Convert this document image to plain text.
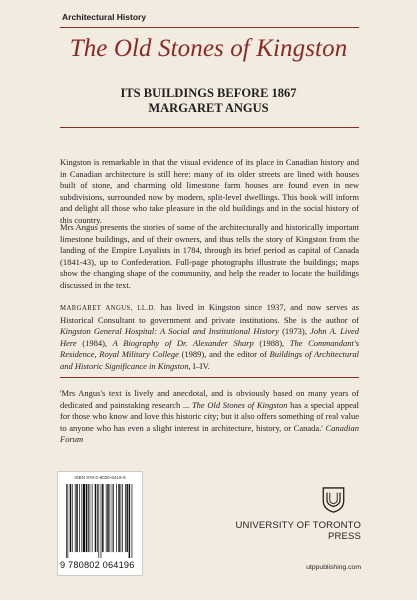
Architectural History
The Old Stones of Kingston
ITS BUILDINGS BEFORE 1867
MARGARET ANGUS

Kingston is remarkable in that the visual evidence of its place in Canadian history and in Canadian architecture is still here: many of its older streets are lined with houses built of stone, and charming old limestone farm houses are found even in new subdivisions, surrounded now by modern, split-level dwellings. This book will inform and delight all those who take pleasure in the old buildings and in the social history of this country.

Mrs Angus presents the stories of some of the architecturally and historically important limestone buildings, and of their owners, and thus tells the story of Kingston from the landing of the Empire Loyalists in 1784, through its brief period as capital of Canada (1841-43), up to Confederation. Full-page photographs illustrate the buildings; maps show the changing shape of the community, and help the reader to locate the buildings discussed in the text.

MARGARET ANGUS, LL.D. has lived in Kingston since 1937, and now serves as Historical Consultant to government and private institutions. She is the author of Kingston General Hospital: A Social and Institutional History (1973), John A. Lived Here (1984), A Biography of Dr. Alexander Sharp (1988), The Commandant's Residence, Royal Military College (1989), and the editor of Buildings of Architectural and Historic Significance in Kingston, I–IV.

'Mrs Angus's text is lively and anecdotal, and is obviously based on many years of dedicated and painstaking research ... The Old Stones of Kingston has a special appeal for those who know and love this historic city; but it also offers something of real value to anyone who has even a slight interest in architecture, history, or Canada.' Canadian Forum

ISBN 978-0-8020-6419-6
9 780802 064196
UNIVERSITY OF TORONTO PRESS
utppublishing.com
